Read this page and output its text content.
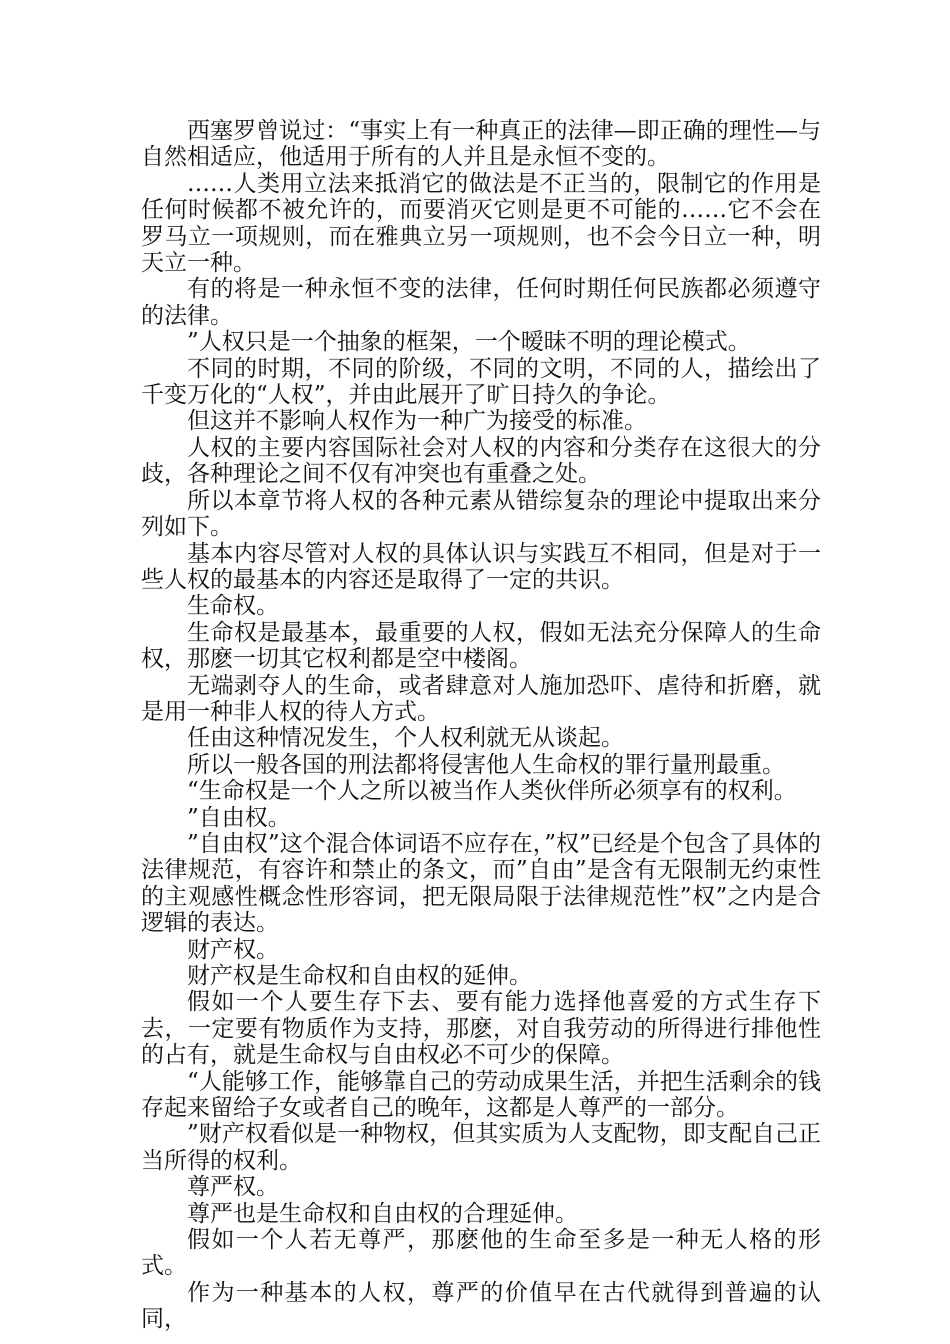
西塞罗曾说过：“事实上有一种真正的法律—即正确的理性—与自然相适应，他适用于所有的人并且是永恒不变的。

……人类用立法来抵消它的做法是不正当的，限制它的作用是任何时候都不被允许的，而要消灭它则是更不可能的……它不会在罗马立一项规则，而在雅典立另一项规则，也不会今日立一种，明天立一种。

有的将是一种永恒不变的法律，任何时期任何民族都必须遵守的法律。

”人权只是一个抽象的框架，一个暧昧不明的理论模式。

不同的时期，不同的阶级，不同的文明，不同的人，描绘出了千变万化的“人权”，并由此展开了旷日持久的争论。

但这并不影响人权作为一种广为接受的标准。

人权的主要内容国际社会对人权的内容和分类存在这很大的分歧，各种理论之间不仅有冲突也有重叠之处。

所以本章节将人权的各种元素从错综复杂的理论中提取出来分列如下。

基本内容尽管对人权的具体认识与实践互不相同，但是对于一些人权的最基本的内容还是取得了一定的共识。

生命权。

生命权是最基本，最重要的人权，假如无法充分保障人的生命权，那麽一切其它权利都是空中楼阁。

无端剥夺人的生命，或者肆意对人施加恐吓、虐待和折磨，就是用一种非人权的待人方式。

任由这种情况发生，个人权利就无从谈起。

所以一般各国的刑法都将侵害他人生命权的罪行量刑最重。

“生命权是一个人之所以被当作人类伙伴所必须享有的权利。

”自由权。

”自由权”这个混合体词语不应存在，”权”已经是个包含了具体的法律规范，有容许和禁止的条文，而”自由”是含有无限制无约束性的主观感性概念性形容词，把无限局限于法律规范性”权”之内是合逻辑的表达。

财产权。

财产权是生命权和自由权的延伸。

假如一个人要生存下去、要有能力选择他喜爱的方式生存下去，一定要有物质作为支持，那麽，对自我劳动的所得进行排他性的占有，就是生命权与自由权必不可少的保障。

“人能够工作，能够靠自己的劳动成果生活，并把生活剩余的钱存起来留给子女或者自己的晚年，这都是人尊严的一部分。

”财产权看似是一种物权，但其实质为人支配物，即支配自己正当所得的权利。

尊严权。

尊严也是生命权和自由权的合理延伸。

假如一个人若无尊严，那麽他的生命至多是一种无人格的形式。

作为一种基本的人权，尊严的价值早在古代就得到普遍的认同，
